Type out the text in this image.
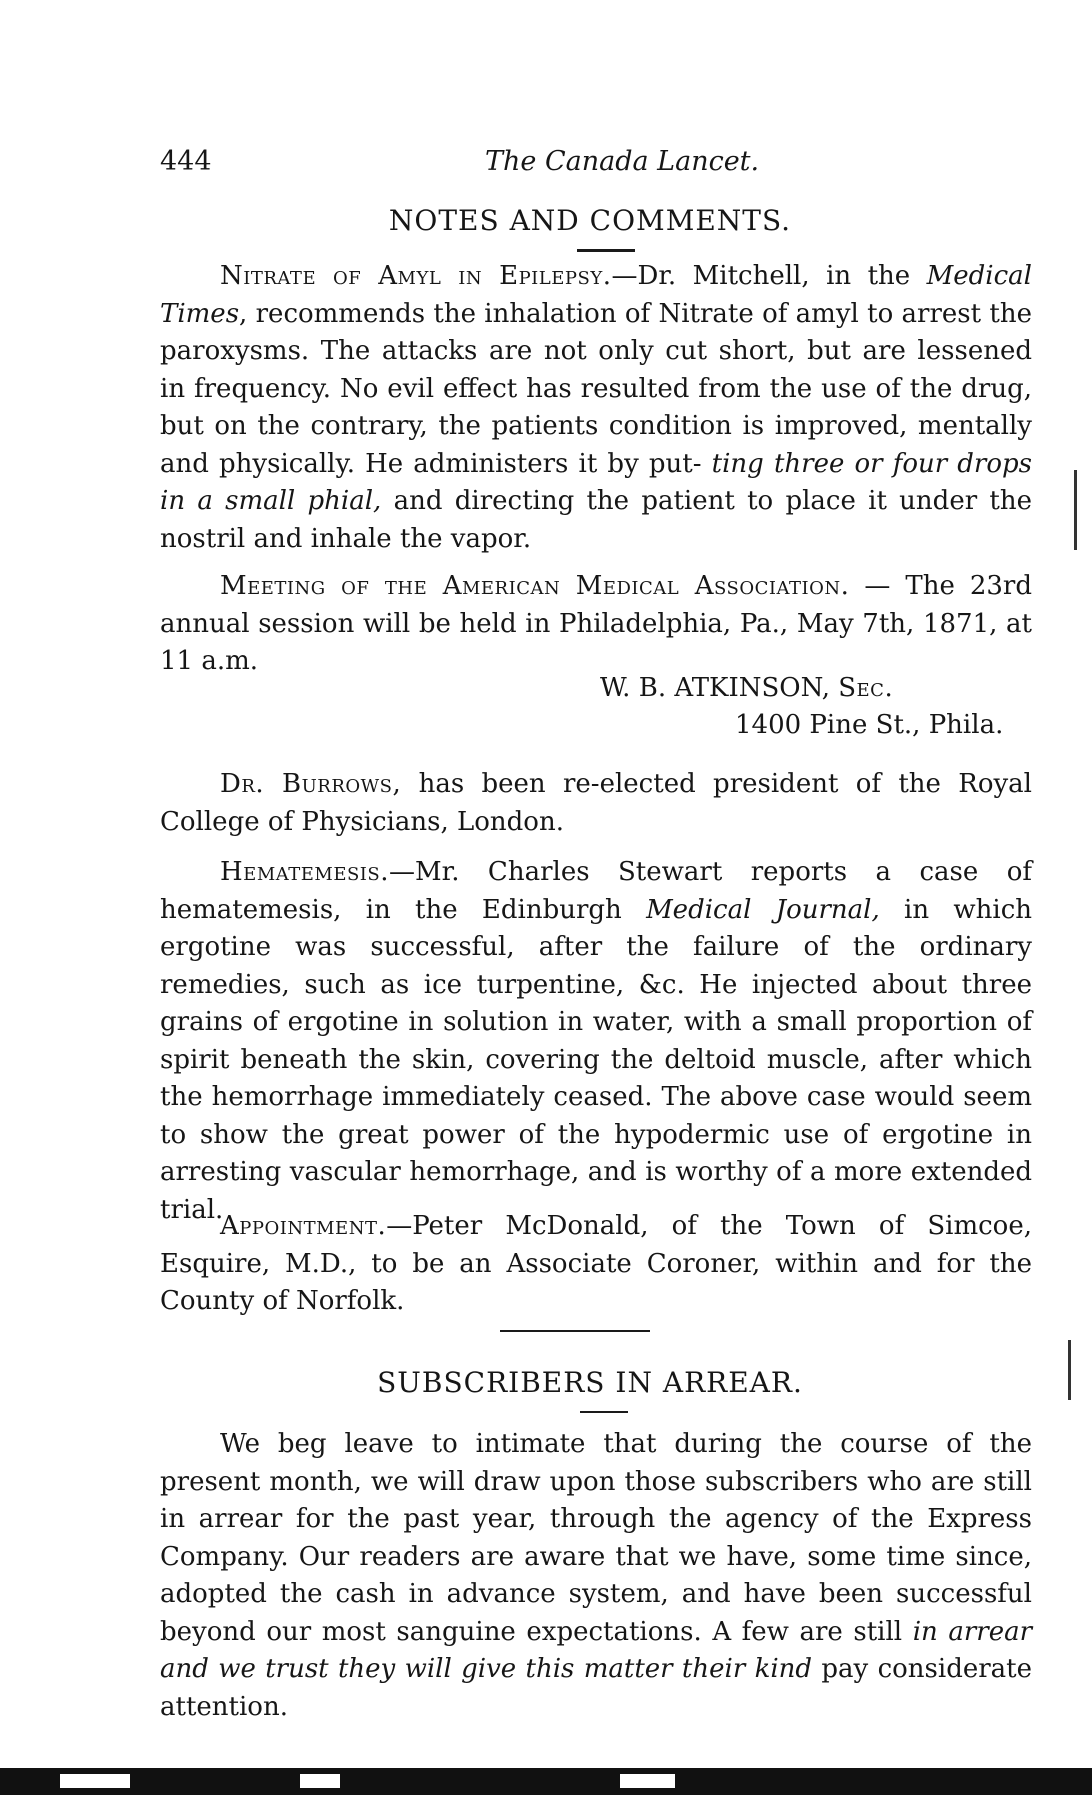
444	The Canada Lancet.
NOTES AND COMMENTS.

Nitrate of Amyl in Epilepsy.—Dr. Mitchell, in the Medical Times, recommends the inhalation of Nitrate of amyl to arrest the paroxysms. The attacks are not only cut short, but are lessened in frequency. No evil effect has resulted from the use of the drug, but on the contrary, the patients condition is improved, mentally and physically. He administers it by put- ting three or four drops in a small phial, and directing the patient to place it under the nostril and inhale the vapor.

Meeting of the American Medical Association. — The 23rd annual session will be held in Philadelphia, Pa., May 7th, 1871, at 11 a.m.

W. B. ATKINSON, Sec.
1400 Pine St., Phila.

Dr. Burrows, has been re-elected president of the Royal College of Physicians, London.

Hematemesis.—Mr. Charles Stewart reports a case of hematemesis, in the Edinburgh Medical Journal, in which ergotine was successful, after the failure of the ordinary remedies, such as ice turpentine, &c. He injected about three grains of ergotine in solution in water, with a small proportion of spirit beneath the skin, covering the deltoid muscle, after which the hemorrhage immediately ceased. The above case would seem to show the great power of the hypodermic use of ergotine in arresting vascular hemorrhage, and is worthy of a more extended trial.

Appointment.—Peter McDonald, of the Town of Simcoe, Esquire, M.D., to be an Associate Coroner, within and for the County of Norfolk.

SUBSCRIBERS IN ARREAR.

We beg leave to intimate that during the course of the present month, we will draw upon those subscribers who are still in arrear for the past year, through the agency of the Express Company. Our readers are aware that we have, some time since, adopted the cash in advance system, and have been successful beyond our most sanguine expectations. A few are still in arrear and we trust they will give this matter their kind pay considerate attention.
